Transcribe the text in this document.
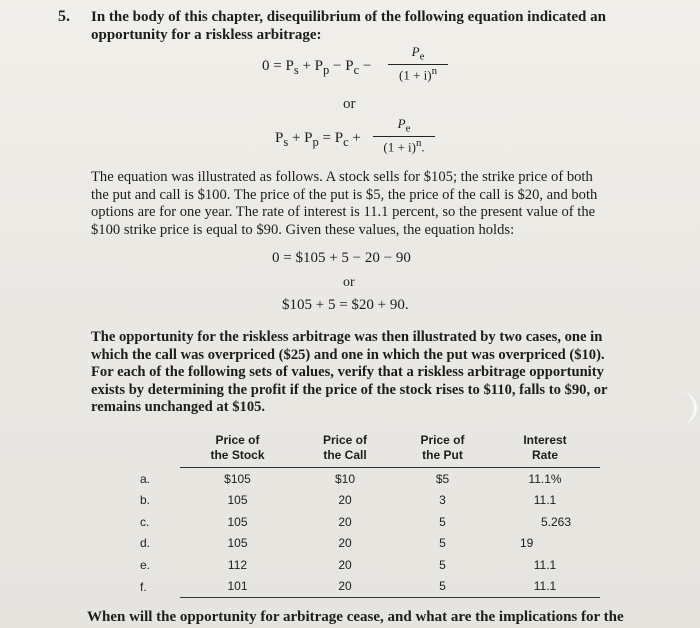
5. In the body of this chapter, disequilibrium of the following equation indicated an
opportunity for a riskless arbitrage:
$0 = P_s + P_p - P_c$ −
$P_e$
$(1 + i)^n$
or
$P_s + P_p = P_c$ +
$P_e$
$(1 + i)^n$.
The equation was illustrated as follows. A stock sells for $105; the strike price of both the put and call is $100. The price of the put is $5, the price of the call is $20, and both options are for one year. The rate of interest is 11.1 percent, so the present value of the $100 strike price is equal to $90. Given these values, the equation holds:
0 = $105 + 5 − 20 − 90
or
$105 + 5 = $20 + 90.
The opportunity for the riskless arbitrage was then illustrated by two cases, one in which the call was overpriced ($25) and one in which the put was overpriced ($10). For each of the following sets of values, verify that a riskless arbitrage opportunity exists by determining the profit if the price of the stock rises to $110, falls to $90, or remains unchanged at $105.
	Price of
the Stock	Price of
the Call	Price of
the Put	Interest
Rate
a.	$105	$10	$5	11.1%
b.	105	20	3	11.1
c.	105	20	5	5.263
d.	105	20	5	19
e.	112	20	5	11.1
f.	101	20	5	11.1
When will the opportunity for arbitrage cease, and what are the implications for the
